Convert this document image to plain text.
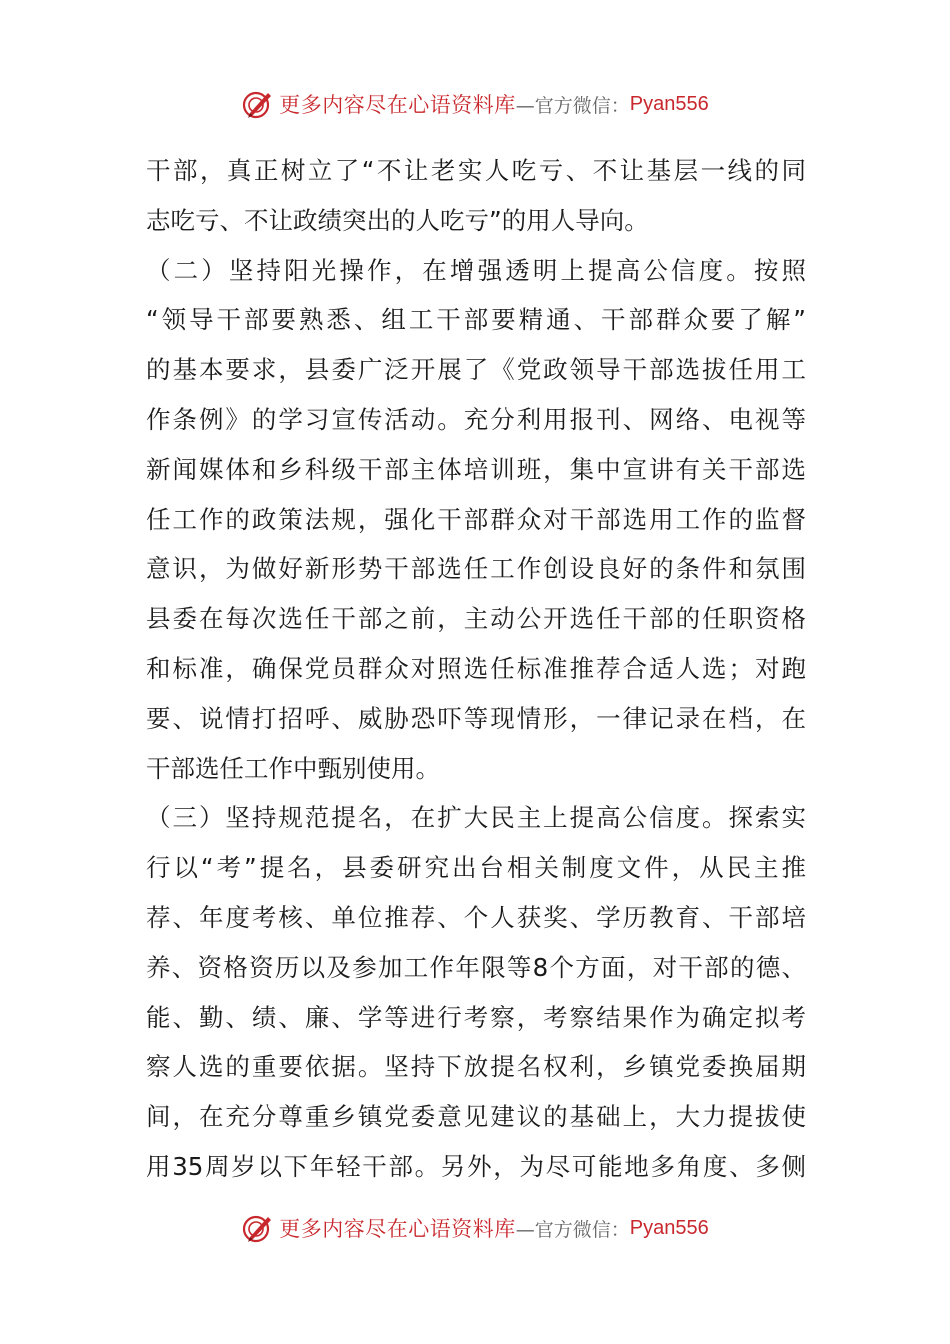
更多内容尽在心语资料库 —官方微信： Pyan556
干部，真正树立了“不让老实人吃亏、不让基层一线的同
志吃亏、不让政绩突出的人吃亏”的用人导向。
（二）坚持阳光操作，在增强透明上提高公信度。按照
“领导干部要熟悉、组工干部要精通、干部群众要了解”
的基本要求，县委广泛开展了《党政领导干部选拔任用工
作条例》的学习宣传活动。充分利用报刊、网络、电视等
新闻媒体和乡科级干部主体培训班，集中宣讲有关干部选
任工作的政策法规，强化干部群众对干部选用工作的监督
意识，为做好新形势干部选任工作创设良好的条件和氛围
县委在每次选任干部之前，主动公开选任干部的任职资格
和标准，确保党员群众对照选任标准推荐合适人选；对跑
要、说情打招呼、威胁恐吓等现情形，一律记录在档，在
干部选任工作中甄别使用。
（三）坚持规范提名，在扩大民主上提高公信度。探索实
行以“考”提名，县委研究出台相关制度文件，从民主推
荐、年度考核、单位推荐、个人获奖、学历教育、干部培
养、资格资历以及参加工作年限等8个方面，对干部的德、
能、勤、绩、廉、学等进行考察，考察结果作为确定拟考
察人选的重要依据。坚持下放提名权利，乡镇党委换届期
间，在充分尊重乡镇党委意见建议的基础上，大力提拔使
用35周岁以下年轻干部。另外，为尽可能地多角度、多侧
更多内容尽在心语资料库 —官方微信： Pyan556
